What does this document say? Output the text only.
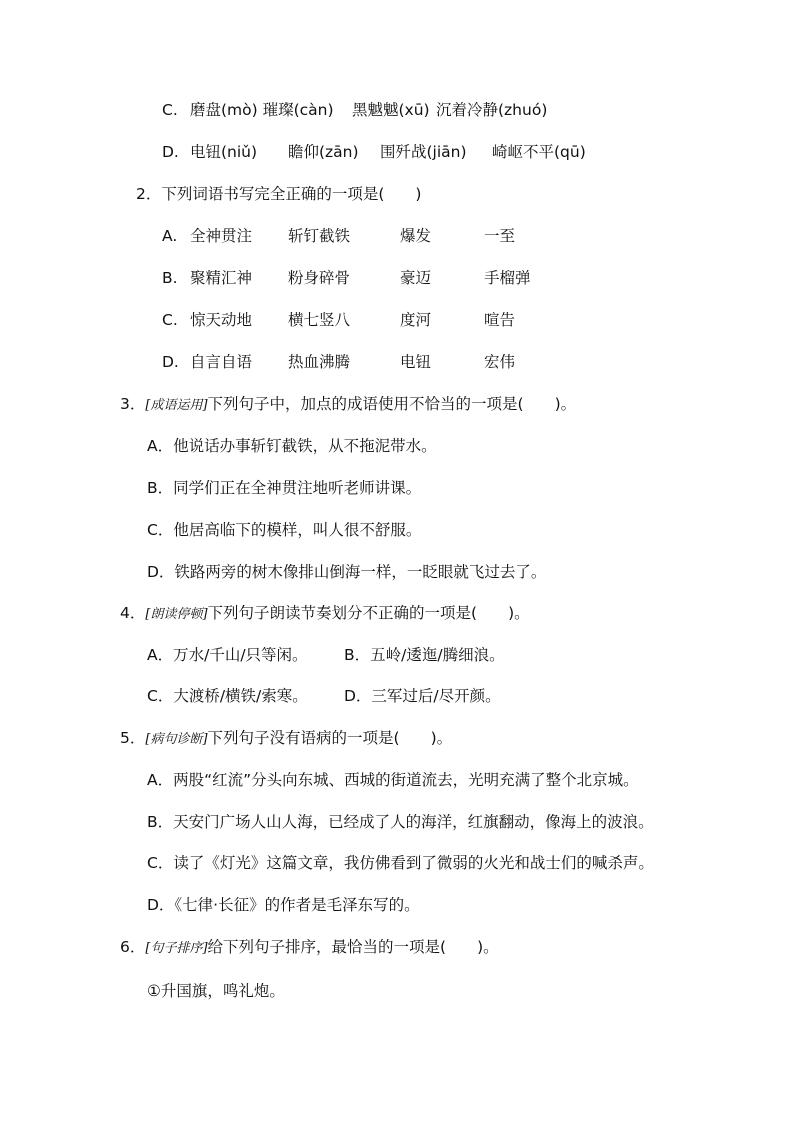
C. 磨盘(mò) 璀璨(càn) 黑魆魆(xū) 沉着冷静(zhuó)
D. 电钮(niǔ) 瞻仰(zān) 围歼战(jiān) 崎岖不平(qū)
2．下列词语书写完全正确的一项是(　　)
A. 全神贯注 斩钉截铁	爆发	一至
B. 聚精汇神 粉身碎骨	豪迈	手榴弹
C. 惊天动地 横七竖八	度河	喧告
D. 自言自语 热血沸腾	电钮	宏伟
3．[成语运用]下列句子中，加点的成语使用不恰当的一项是(　　)。
A．他说话办事斩钉截铁，从不拖泥带水。
B．同学们正在全神贯注地听老师讲课。
C．他居高临下的模样，叫人很不舒服。
D．铁路两旁的树木像排山倒海一样，一眨眼就飞过去了。
4．[朗读停顿]下列句子朗读节奏划分不正确的一项是(　　)。
A．万水/千山/只等闲。 B．五岭/逶迤/腾细浪。
C．大渡桥/横铁/索寒。 D．三军过后/尽开颜。
5．[病句诊断]下列句子没有语病的一项是(　　)。
A．两股“红流”分头向东城、西城的街道流去，光明充满了整个北京城。
B．天安门广场人山人海，已经成了人的海洋，红旗翻动，像海上的波浪。
C．读了《灯光》这篇文章，我仿佛看到了微弱的火光和战士们的喊杀声。
D．《七律·长征》的作者是毛泽东写的。
6．[句子排序]给下列句子排序，最恰当的一项是(　　)。
①升国旗，鸣礼炮。
